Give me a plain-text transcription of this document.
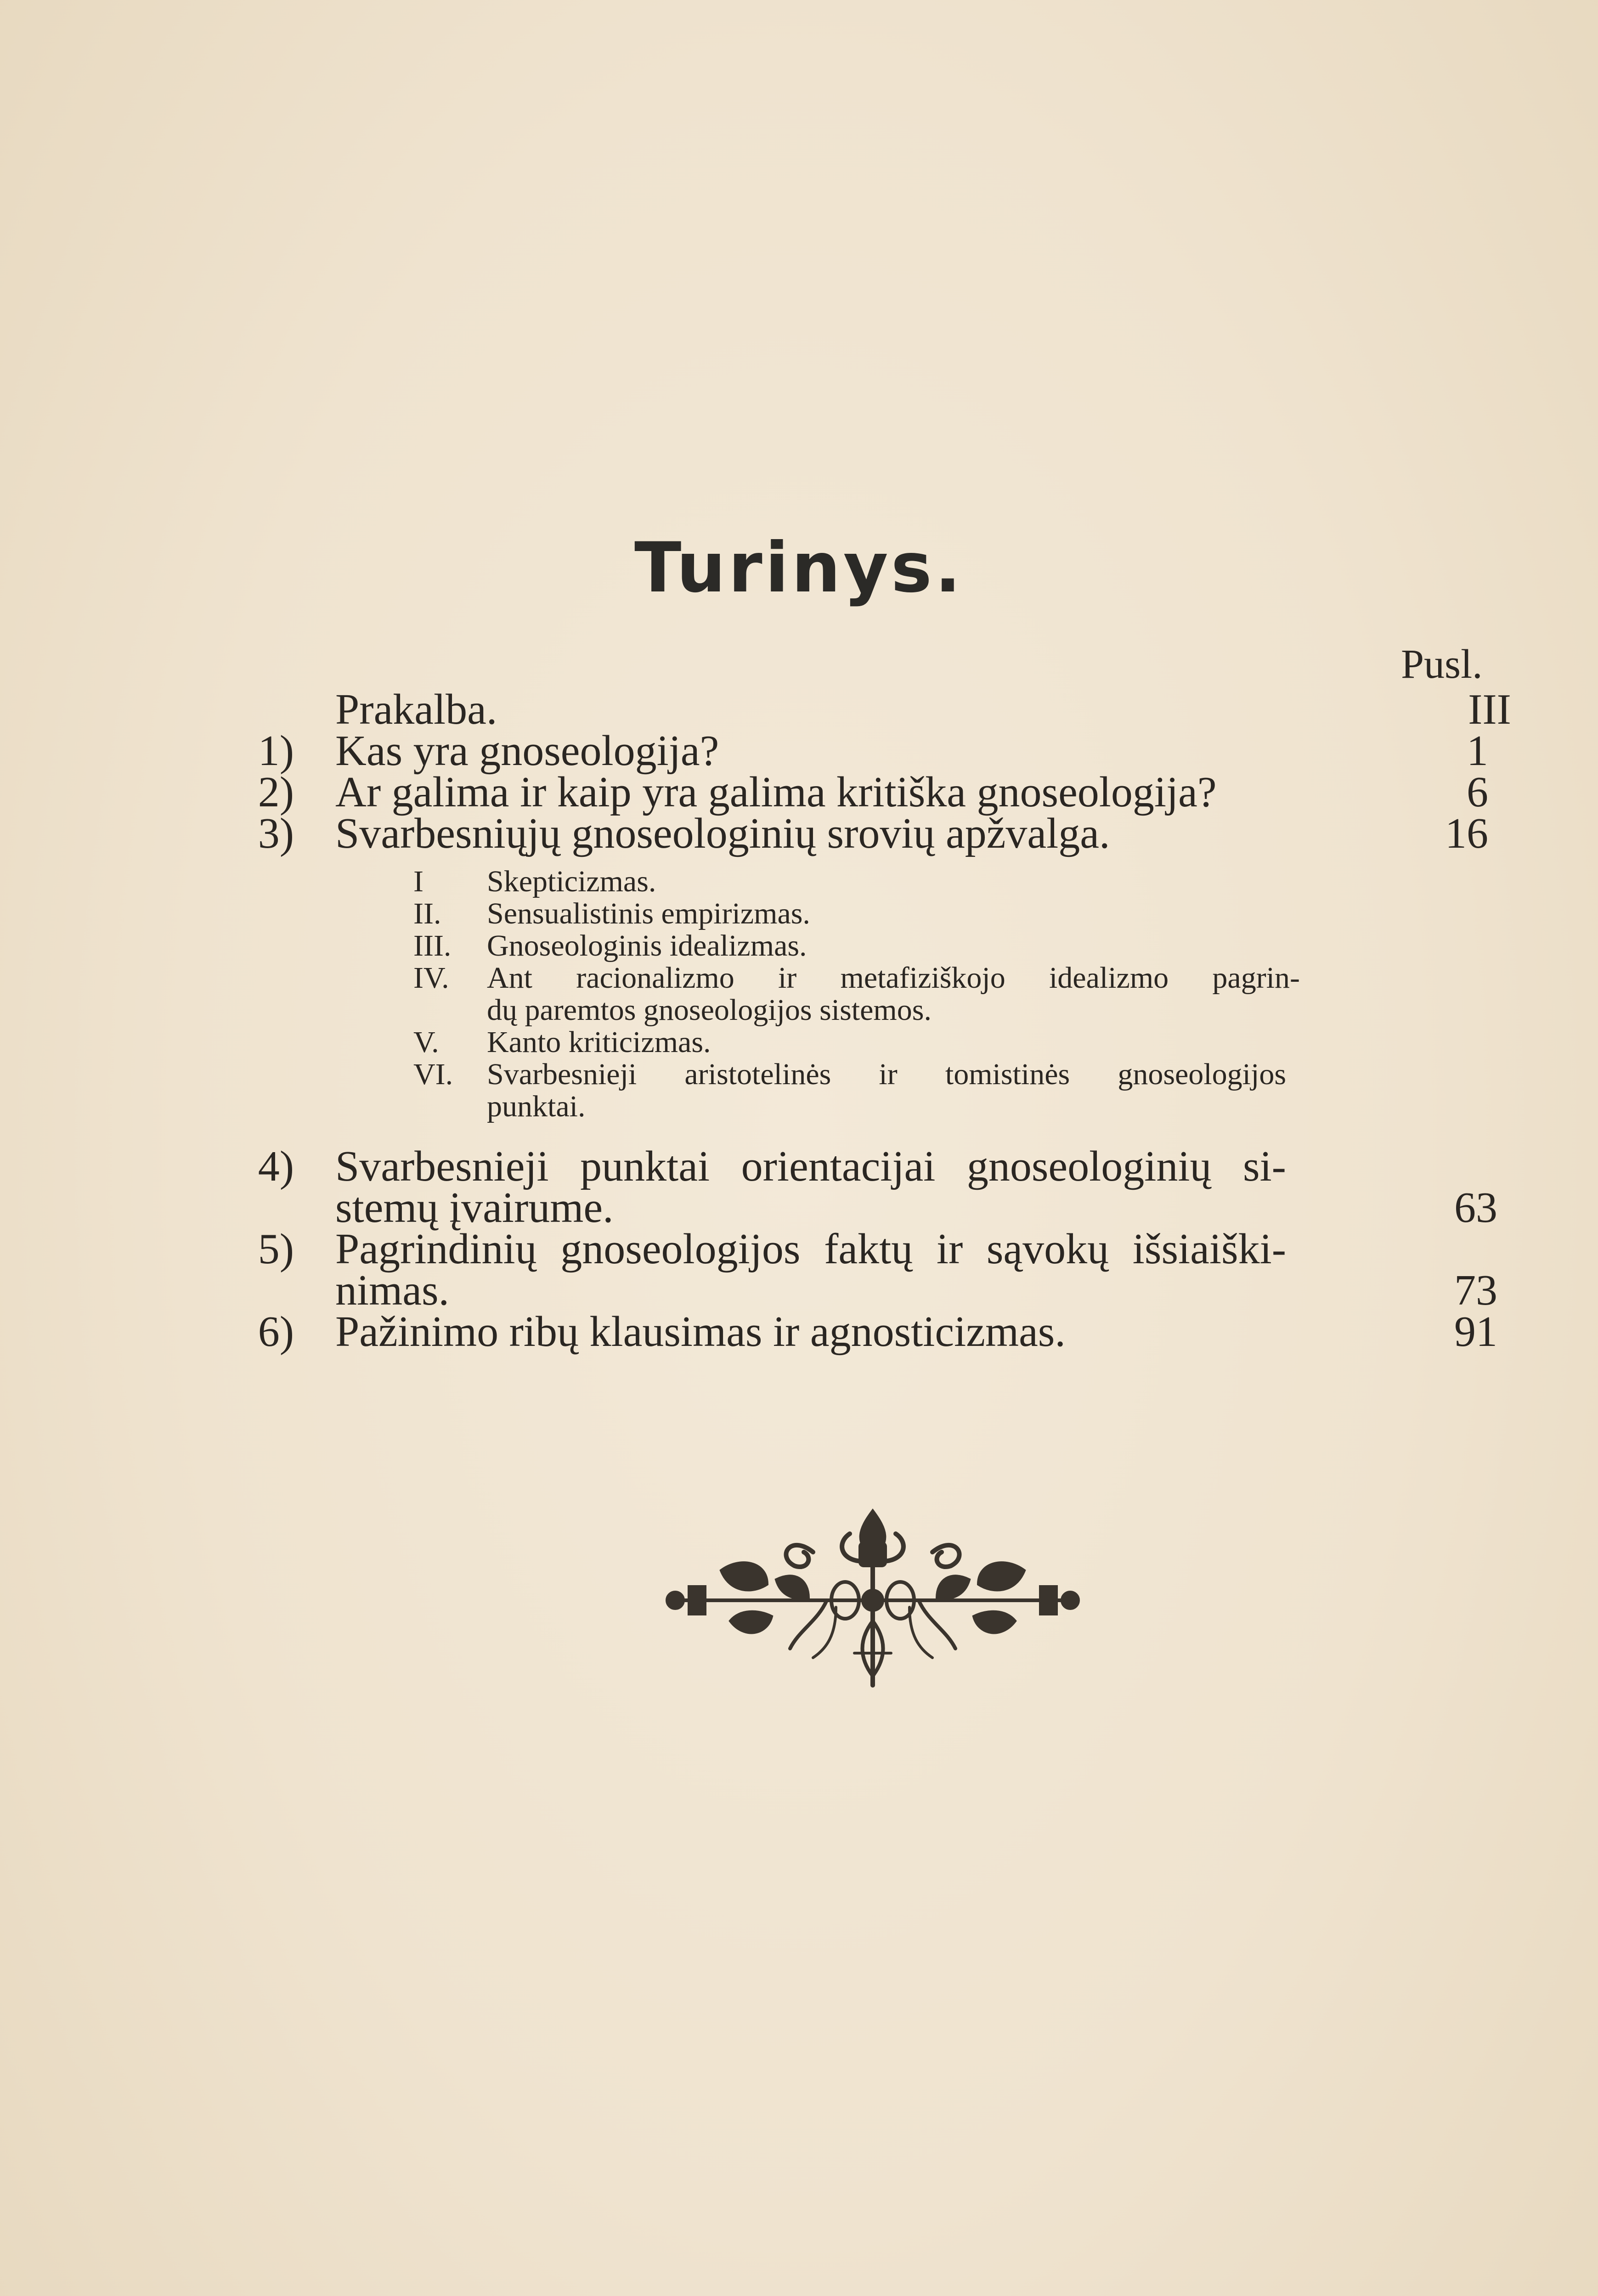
Turinys.
Pusl.
Prakalba.	III
1) Kas yra gnoseologija?	1
2) Ar galima ir kaip yra galima kritiška gnoseologija?	6
3) Svarbesniųjų gnoseologinių srovių apžvalga.	16
I Skepticizmas.
II. Sensualistinis empirizmas.
III. Gnoseologinis idealizmas.
IV. Ant racionalizmo ir metafiziškojo idealizmo pagrin-
dų paremtos gnoseologijos sistemos.
V. Kanto kriticizmas.
VI. Svarbesnieji aristotelinės ir tomistinės gnoseologijos
punktai.
4) Svarbesnieji punktai orientacijai gnoseologinių si-
stemų įvairume.	63
5) Pagrindinių gnoseologijos faktų ir sąvokų išsiaiški-
nimas.	73
6) Pažinimo ribų klausimas ir agnosticizmas.	91
